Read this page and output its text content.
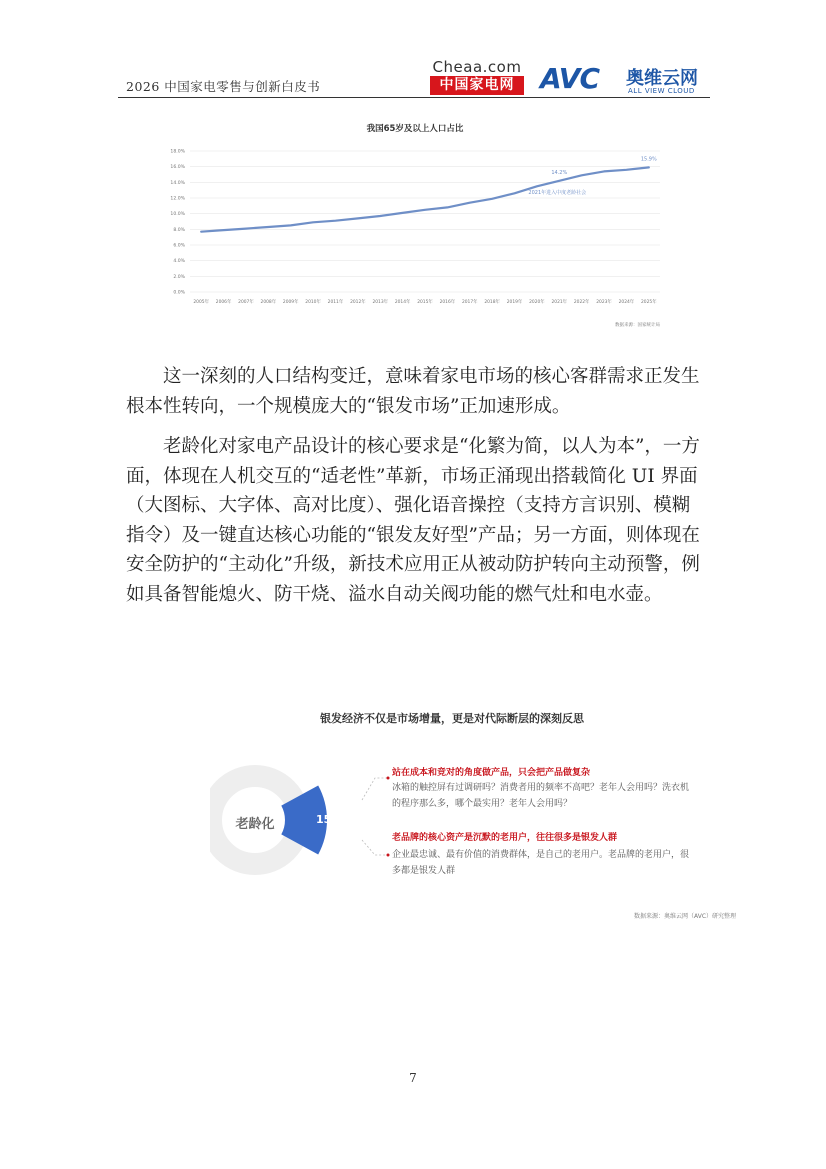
2026 中国家电零售与创新白皮书
Cheaa.com
中国家电网 AVC 奥维云网
ALL VIEW CLOUD
我国65岁及以上人口占比
0.0%
2.0%
4.0%
6.0%
8.0%
10.0%
12.0%
14.0%
16.0%
18.0%
2005年 2006年 2007年 2008年 2009年 2010年 2011年 2012年 2013年 2014年 2015年 2016年 2017年 2018年 2019年 2020年 2021年 2022年 2023年 2024年 2025年
14.2%
15.9%
2021年进入中度老龄社会
数据来源：国家统计局
这一深刻的人口结构变迁，意味着家电市场的核心客群需求正发生根本性转向，一个规模庞大的“银发市场”正加速形成。
老龄化对家电产品设计的核心要求是“化繁为简，以人为本”，一方面，体现在人机交互的“适老性”革新，市场正涌现出搭载简化 UI 界面（大图标、大字体、高对比度）、强化语音操控（支持方言识别、模糊指令）及一键直达核心功能的“银发友好型”产品；另一方面，则体现在安全防护的“主动化”升级，新技术应用正从被动防护转向主动预警，例如具备智能熄火、防干烧、溢水自动关阀功能的燃气灶和电水壶。
银发经济不仅是市场增量，更是对代际断层的深刻反思
老龄化	15.9%
站在成本和竞对的角度做产品，只会把产品做复杂
冰箱的触控屏有过调研吗？消费者用的频率不高吧？老年人会用吗？洗衣机的程序那么多，哪个最实用？老年人会用吗？
老品牌的核心资产是沉默的老用户，往往很多是银发人群
企业最忠诚、最有价值的消费群体，是自己的老用户。老品牌的老用户，很多都是银发人群
数据来源：奥维云网（AVC）研究整理
7
